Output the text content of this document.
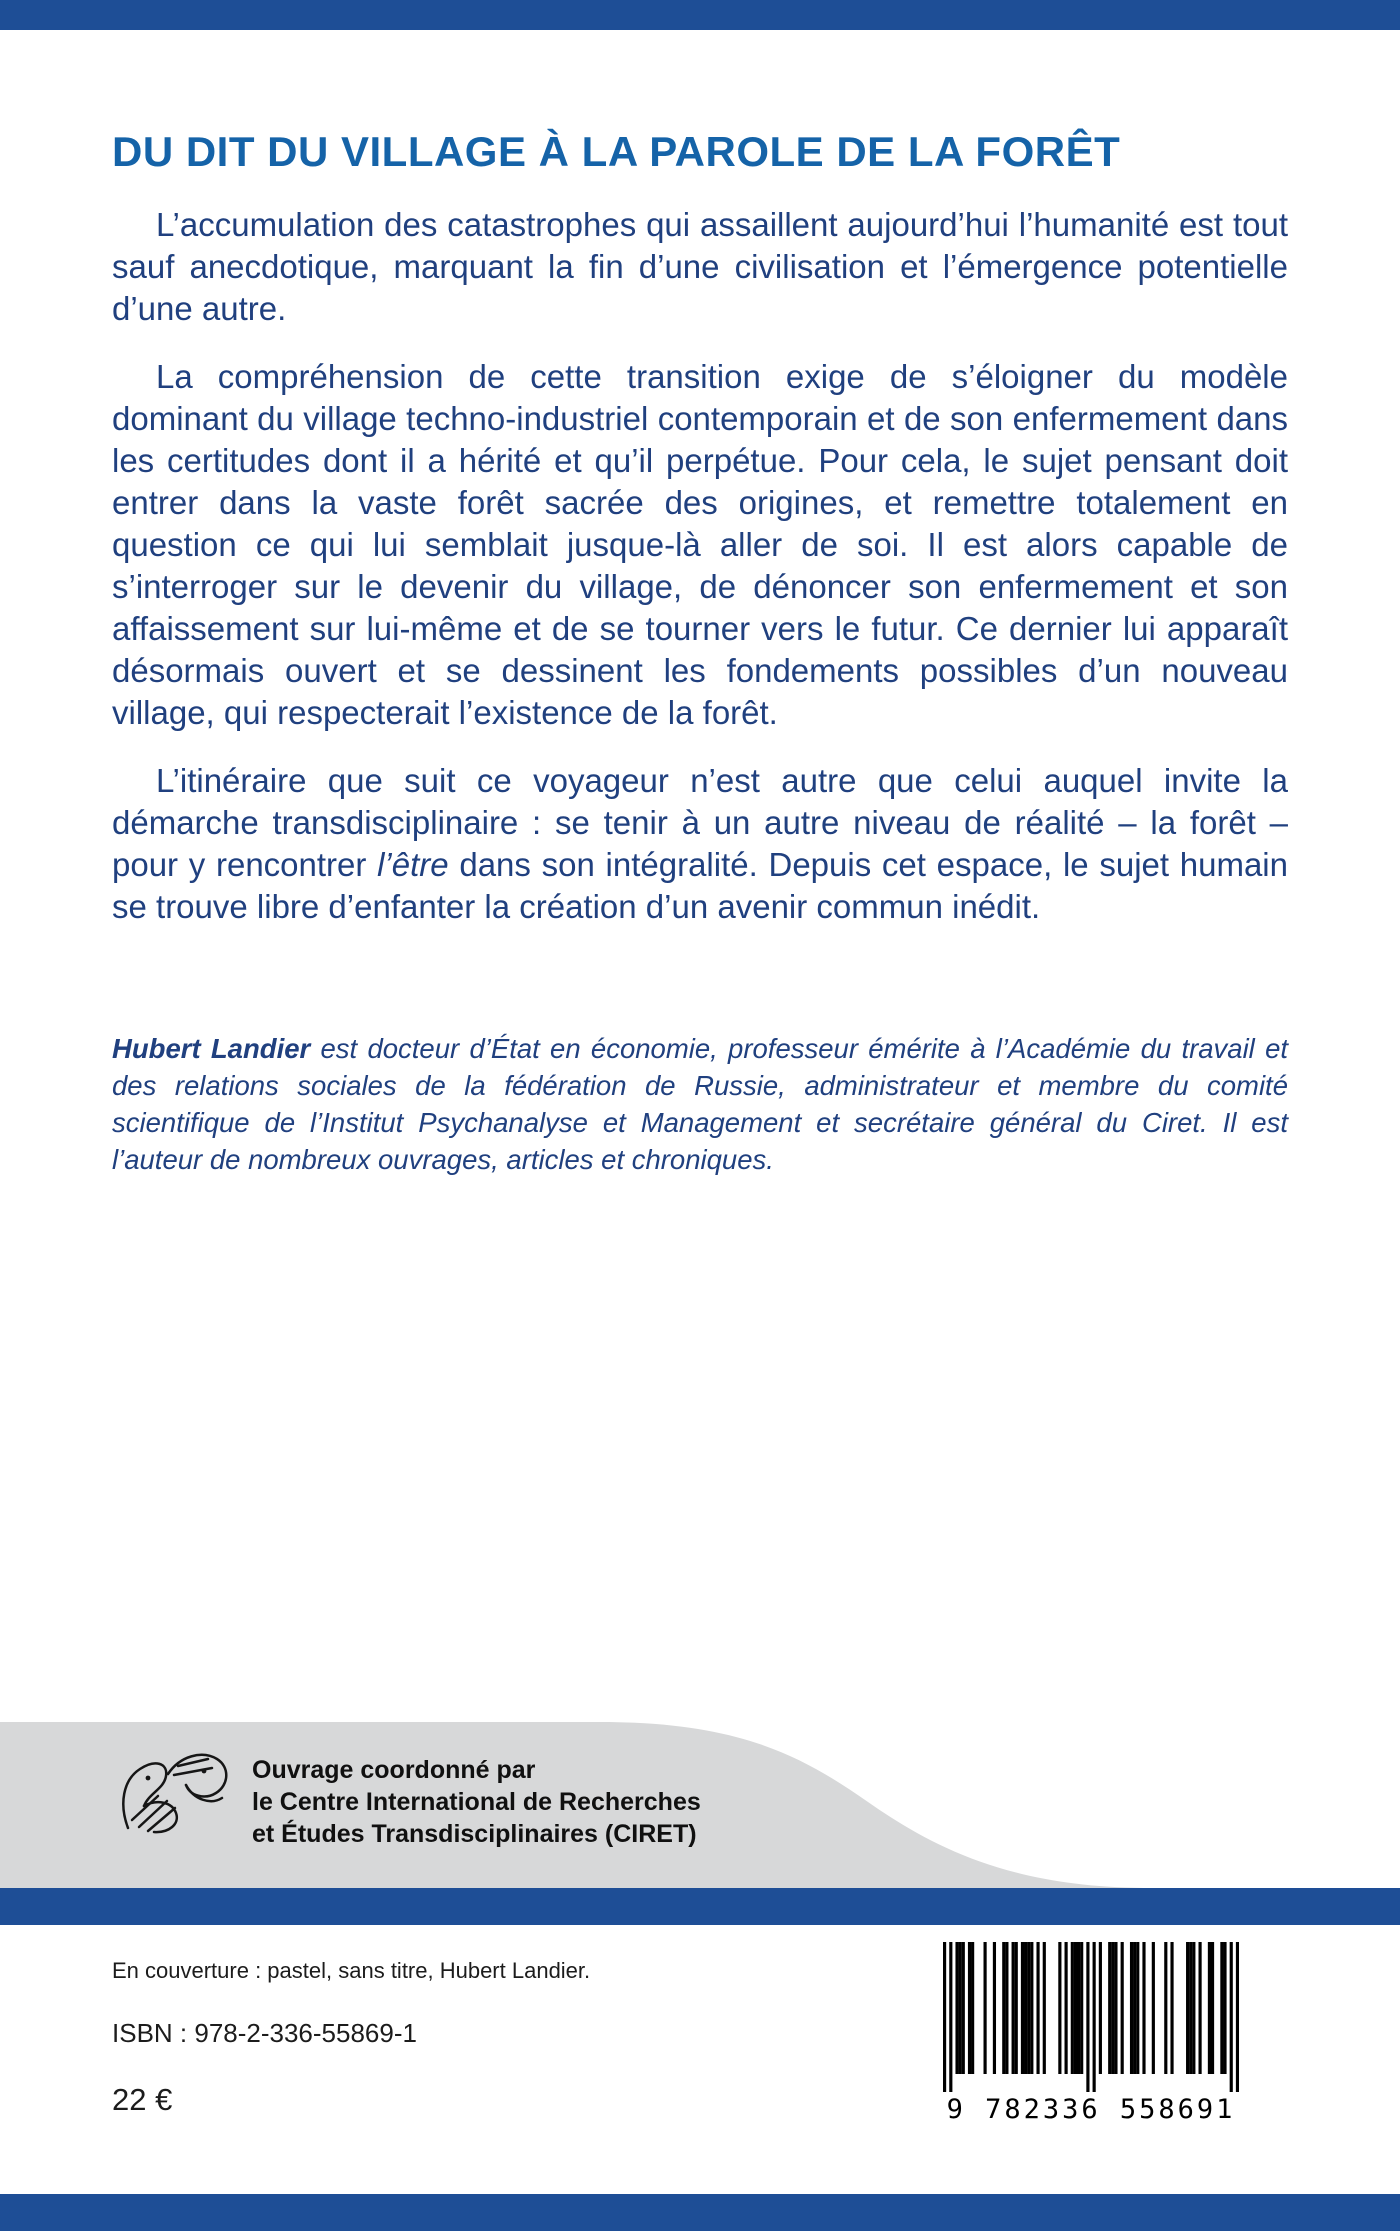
DU DIT DU VILLAGE À LA PAROLE DE LA FORÊT

L’accumulation des catastrophes qui assaillent aujourd’hui l’humanité est tout sauf anecdotique, marquant la fin d’une civilisation et l’émergence potentielle d’une autre.

La compréhension de cette transition exige de s’éloigner du modèle dominant du village techno-industriel contemporain et de son enfermement dans les certitudes dont il a hérité et qu’il perpétue. Pour cela, le sujet pensant doit entrer dans la vaste forêt sacrée des origines, et remettre totalement en question ce qui lui semblait jusque-là aller de soi. Il est alors capable de s’interroger sur le devenir du village, de dénoncer son enfermement et son affaissement sur lui-même et de se tourner vers le futur. Ce dernier lui apparaît désormais ouvert et se dessinent les fondements possibles d’un nouveau village, qui respecterait l’existence de la forêt.

L’itinéraire que suit ce voyageur n’est autre que celui auquel invite la démarche transdisciplinaire : se tenir à un autre niveau de réalité – la forêt – pour y rencontrer l’être dans son intégralité. Depuis cet espace, le sujet humain se trouve libre d’enfanter la création d’un avenir commun inédit.

Hubert Landier est docteur d’État en économie, professeur émérite à l’Académie du travail et des relations sociales de la fédération de Russie, administrateur et membre du comité scientifique de l’Institut Psychanalyse et Management et secrétaire général du Ciret. Il est l’auteur de nombreux ouvrages, articles et chroniques.

Ouvrage coordonné par
le Centre International de Recherches
et Études Transdisciplinaires (CIRET)
En couverture : pastel, sans titre, Hubert Landier.
ISBN : 978-2-336-55869-1
22 €	9 782336 558691
